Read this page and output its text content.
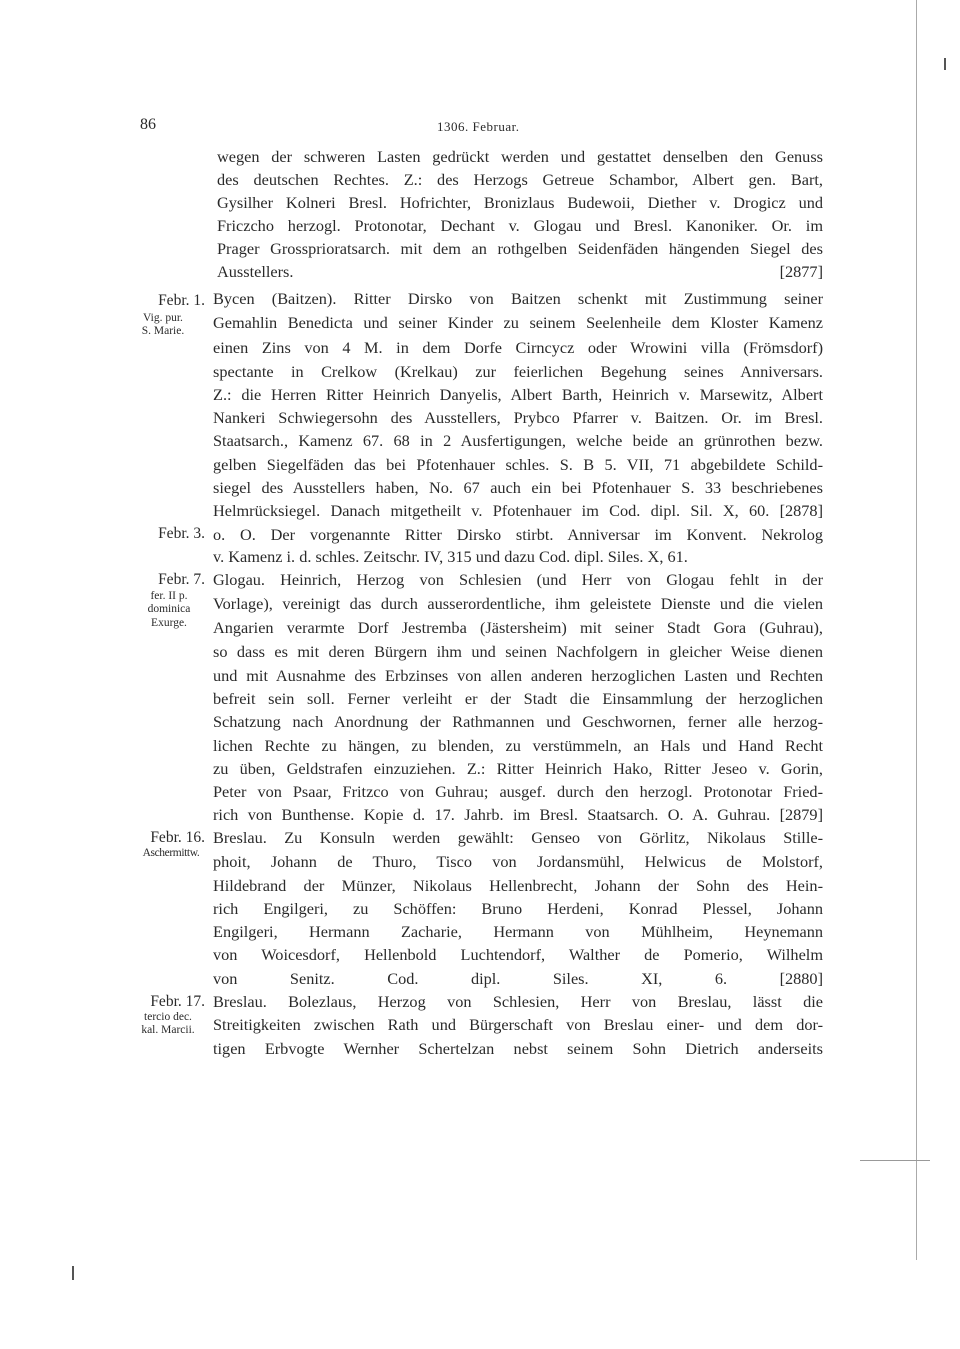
86	1306. Februar.
wegen der schweren Lasten gedrückt werden und gestattet denselben den Genuss
des deutschen Rechtes. Z.: des Herzogs Getreue Schambor, Albert gen. Bart,
Gysilher Kolneri Bresl. Hofrichter, Bronizlaus Budewoii, Diether v. Drogicz und
Friczcho herzogl. Protonotar, Dechant v. Glogau und Bresl. Kanoniker. Or. im
Prager Grossprioratsarch. mit dem an rothgelben Seidenfäden hängenden Siegel des
Ausstellers. [2877]
Febr. 1.
Vig. pur.
S. Marie.
Bycen (Baitzen). Ritter Dirsko von Baitzen schenkt mit Zustimmung seiner
Gemahlin Benedicta und seiner Kinder zu seinem Seelenheile dem Kloster Kamenz
einen Zins von 4 M. in dem Dorfe Cirncycz oder Wrowini villa (Frömsdorf)
spectante in Crelkow (Krelkau) zur feierlichen Begehung seines Anniversars.
Z.: die Herren Ritter Heinrich Danyelis, Albert Barth, Heinrich v. Marsewitz, Albert
Nankeri Schwiegersohn des Ausstellers, Prybco Pfarrer v. Baitzen. Or. im Bresl.
Staatsarch., Kamenz 67. 68 in 2 Ausfertigungen, welche beide an grünrothen bezw.
gelben Siegelfäden das bei Pfotenhauer schles. S. B 5. VII, 71 abgebildete Schild-
siegel des Ausstellers haben, No. 67 auch ein bei Pfotenhauer S. 33 beschriebenes
Helmrücksiegel. Danach mitgetheilt v. Pfotenhauer im Cod. dipl. Sil. X, 60. [2878]
Febr. 3. o. O. Der vorgenannte Ritter Dirsko stirbt. Anniversar im Konvent. Nekrolog
v. Kamenz i. d. schles. Zeitschr. IV, 315 und dazu Cod. dipl. Siles. X, 61.
Febr. 7.
fer. II p.
dominica
Exurge.
Glogau. Heinrich, Herzog von Schlesien (und Herr von Glogau fehlt in der
Vorlage), vereinigt das durch ausserordentliche, ihm geleistete Dienste und die vielen
Angarien verarmte Dorf Jestremba (Jästersheim) mit seiner Stadt Gora (Guhrau),
so dass es mit deren Bürgern ihm und seinen Nachfolgern in gleicher Weise dienen
und mit Ausnahme des Erbzinses von allen anderen herzoglichen Lasten und Rechten
befreit sein soll. Ferner verleiht er der Stadt die Einsammlung der herzoglichen
Schatzung nach Anordnung der Rathmannen und Geschwornen, ferner alle herzog-
lichen Rechte zu hängen, zu blenden, zu verstümmeln, an Hals und Hand Recht
zu üben, Geldstrafen einzuziehen. Z.: Ritter Heinrich Hako, Ritter Jeseo v. Gorin,
Peter von Psaar, Fritzco von Guhrau; ausgef. durch den herzogl. Protonotar Fried-
rich von Bunthense. Kopie d. 17. Jahrb. im Bresl. Staatsarch. O. A. Guhrau. [2879]
Febr. 16.
Aschermittw.
Breslau. Zu Konsuln werden gewählt: Genseo von Görlitz, Nikolaus Stille-
phoit, Johann de Thuro, Tisco von Jordansmühl, Helwicus de Molstorf,
Hildebrand der Münzer, Nikolaus Hellenbrecht, Johann der Sohn des Hein-
rich Engilgeri, zu Schöffen: Bruno Herdeni, Konrad Plessel, Johann
Engilgeri, Hermann Zacharie, Hermann von Mühlheim, Heynemann
von Woicesdorf, Hellenbold Luchtendorf, Walther de Pomerio, Wilhelm
von Senitz. Cod. dipl. Siles. XI, 6. [2880]
Febr. 17.
tercio dec.
kal. Marcii.
Breslau. Bolezlaus, Herzog von Schlesien, Herr von Breslau, lässt die
Streitigkeiten zwischen Rath und Bürgerschaft von Breslau einer- und dem dor-
tigen Erbvogte Wernher Schertelzan nebst seinem Sohn Dietrich anderseits
